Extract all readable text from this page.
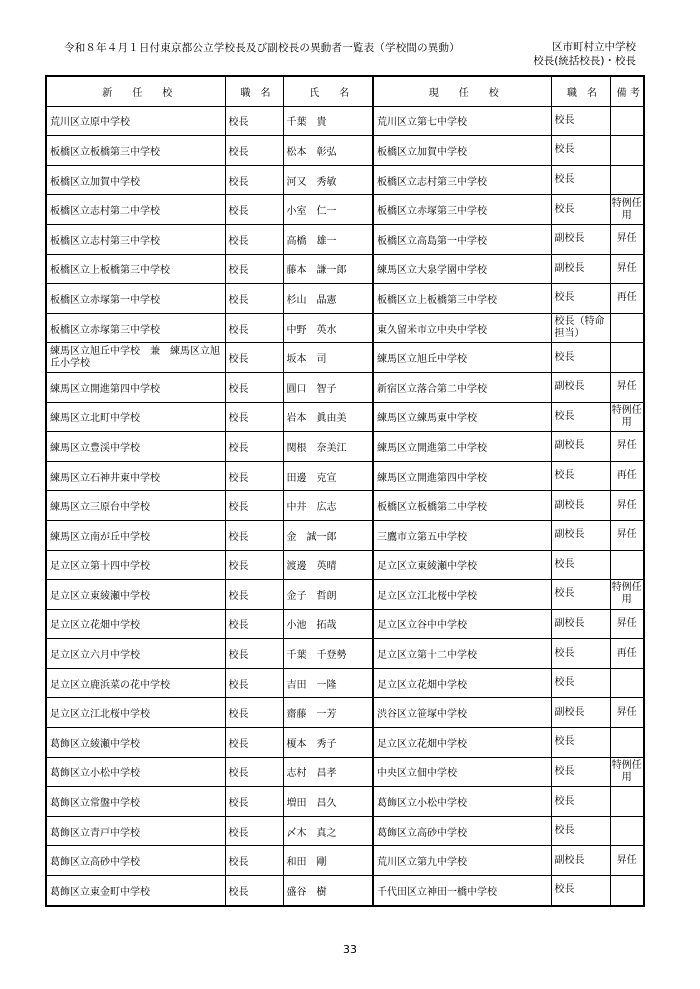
令和８年４月１日付東京都公立学校長及び副校長の異動者一覧表（学校間の異動）	区市町村立中学校
校長(統括校長)・校長
新　　任　　校	職　名	氏　　名	現　　任　　校	職　名	備 考
荒川区立原中学校	校長	千葉　貴	荒川区立第七中学校	校長	
板橋区立板橋第三中学校	校長	松本　彰弘	板橋区立加賀中学校	校長	
板橋区立加賀中学校	校長	河又　秀敏	板橋区立志村第三中学校	校長	
板橋区立志村第二中学校	校長	小室　仁一	板橋区立赤塚第三中学校	校長	特例任用
板橋区立志村第三中学校	校長	高橋　雄一	板橋区立高島第一中学校	副校長	昇任
板橋区立上板橋第三中学校	校長	藤本　謙一郎	練馬区立大泉学園中学校	副校長	昇任
板橋区立赤塚第一中学校	校長	杉山　晶憲	板橋区立上板橋第三中学校	校長	再任
板橋区立赤塚第三中学校	校長	中野　英水	東久留米市立中央中学校	校長（特命担当）	
練馬区立旭丘中学校　兼　練馬区立旭丘小学校	校長	坂本　司	練馬区立旭丘中学校	校長	
練馬区立開進第四中学校	校長	圓口　智子	新宿区立落合第二中学校	副校長	昇任
練馬区立北町中学校	校長	岩本　眞由美	練馬区立練馬東中学校	校長	特例任用
練馬区立豊渓中学校	校長	関根　奈美江	練馬区立開進第二中学校	副校長	昇任
練馬区立石神井東中学校	校長	田邊　克宣	練馬区立開進第四中学校	校長	再任
練馬区立三原台中学校	校長	中井　広志	板橋区立板橋第二中学校	副校長	昇任
練馬区立南が丘中学校	校長	金　誠一郎	三鷹市立第五中学校	副校長	昇任
足立区立第十四中学校	校長	渡邊　英晴	足立区立東綾瀬中学校	校長	
足立区立東綾瀬中学校	校長	金子　哲朗	足立区立江北桜中学校	校長	特例任用
足立区立花畑中学校	校長	小池　拓哉	足立区立谷中中学校	副校長	昇任
足立区立六月中学校	校長	千葉　千登勢	足立区立第十二中学校	校長	再任
足立区立鹿浜菜の花中学校	校長	吉田　一隆	足立区立花畑中学校	校長	
足立区立江北桜中学校	校長	齋藤　一芳	渋谷区立笹塚中学校	副校長	昇任
葛飾区立綾瀬中学校	校長	榎本　秀子	足立区立花畑中学校	校長	
葛飾区立小松中学校	校長	志村　昌孝	中央区立佃中学校	校長	特例任用
葛飾区立常盤中学校	校長	増田　昌久	葛飾区立小松中学校	校長	
葛飾区立青戸中学校	校長	〆木　真之	葛飾区立高砂中学校	校長	
葛飾区立高砂中学校	校長	和田　剛	荒川区立第九中学校	副校長	昇任
葛飾区立東金町中学校	校長	盛谷　樹	千代田区立神田一橋中学校	校長	
33
